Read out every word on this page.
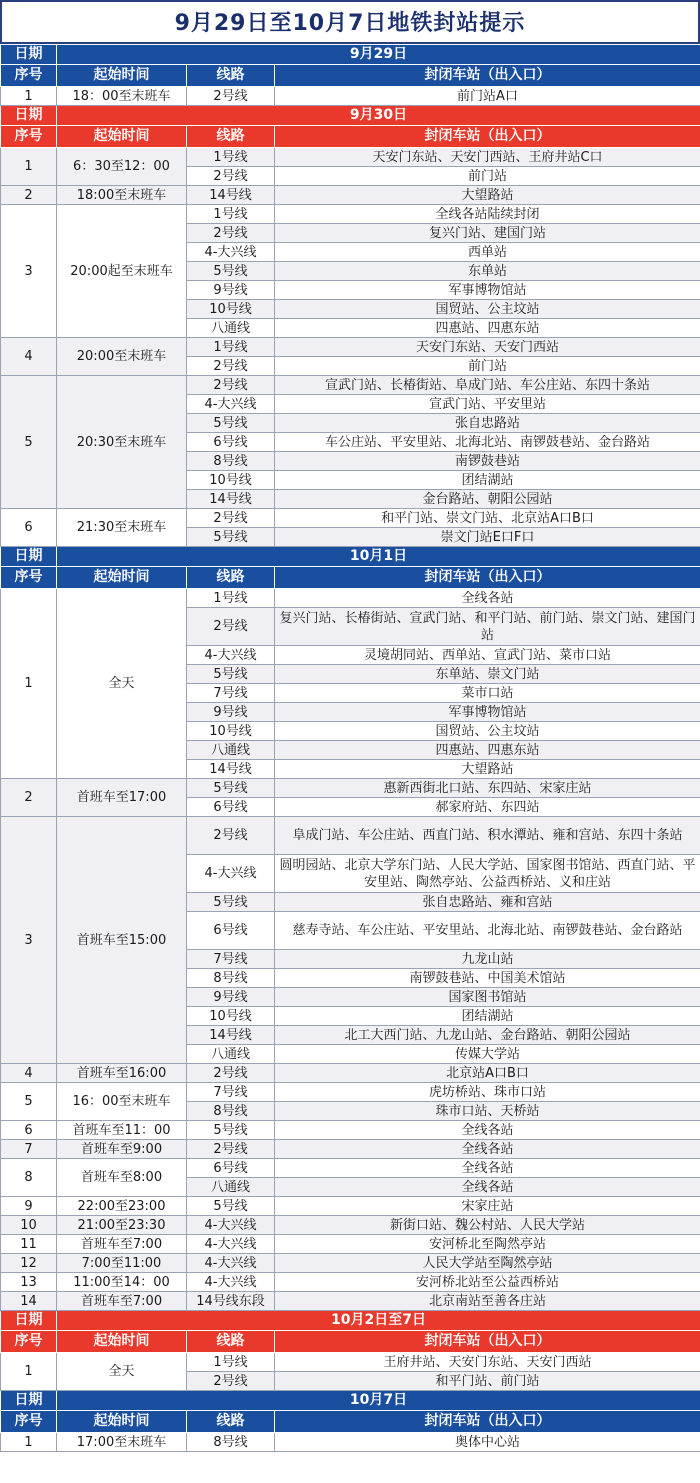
9月29日至10月7日地铁封站提示
日期	9月29日		
序号	起始时间	线路	封闭车站（出入口）
1	18：00至末班车	2号线	前门站A口
日期	9月30日		
序号	起始时间	线路	封闭车站（出入口）
1	6：30至12：00	1号线	天安门东站、天安门西站、王府井站C口
		2号线	前门站
2	18:00至末班车	14号线	大望路站
3	20:00起至末班车	1号线	全线各站陆续封闭
		2号线	复兴门站、建国门站
		4-大兴线	西单站
		5号线	东单站
		9号线	军事博物馆站
		10号线	国贸站、公主坟站
		八通线	四惠站、四惠东站
4	20:00至末班车	1号线	天安门东站、天安门西站
		2号线	前门站
5	20:30至末班车	2号线	宣武门站、长椿街站、阜成门站、车公庄站、东四十条站
		4-大兴线	宣武门站、平安里站
		5号线	张自忠路站
		6号线	车公庄站、平安里站、北海北站、南锣鼓巷站、金台路站
		8号线	南锣鼓巷站
		10号线	团结湖站
		14号线	金台路站、朝阳公园站
6	21:30至末班车	2号线	和平门站、崇文门站、北京站A口B口
		5号线	崇文门站E口F口
日期	10月1日		
序号	起始时间	线路	封闭车站（出入口）
1	全天	1号线	全线各站
		2号线	复兴门站、长椿街站、宣武门站、和平门站、前门站、崇文门站、建国门站
		4-大兴线	灵境胡同站、西单站、宣武门站、菜市口站
		5号线	东单站、崇文门站
		7号线	菜市口站
		9号线	军事博物馆站
		10号线	国贸站、公主坟站
		八通线	四惠站、四惠东站
		14号线	大望路站
2	首班车至17:00	5号线	惠新西街北口站、东四站、宋家庄站
		6号线	郝家府站、东四站
3	首班车至15:00	2号线	阜成门站、车公庄站、西直门站、积水潭站、雍和宫站、东四十条站
		4-大兴线	圆明园站、北京大学东门站、人民大学站、国家图书馆站、西直门站、平安里站、陶然亭站、公益西桥站、义和庄站
		5号线	张自忠路站、雍和宫站
		6号线	慈寿寺站、车公庄站、平安里站、北海北站、南锣鼓巷站、金台路站
		7号线	九龙山站
		8号线	南锣鼓巷站、中国美术馆站
		9号线	国家图书馆站
		10号线	团结湖站
		14号线	北工大西门站、九龙山站、金台路站、朝阳公园站
		八通线	传媒大学站
4	首班车至16:00	2号线	北京站A口B口
5	16：00至末班车	7号线	虎坊桥站、珠市口站
		8号线	珠市口站、天桥站
6	首班车至11：00	5号线	全线各站
7	首班车至9:00	2号线	全线各站
8	首班车至8:00	6号线	全线各站
		八通线	全线各站
9	22:00至23:00	5号线	宋家庄站
10	21:00至23:30	4-大兴线	新街口站、魏公村站、人民大学站
11	首班车至7:00	4-大兴线	安河桥北至陶然亭站
12	7:00至11:00	4-大兴线	人民大学站至陶然亭站
13	11:00至14：00	4-大兴线	安河桥北站至公益西桥站
14	首班车至7:00	14号线东段	北京南站至善各庄站
日期	10月2日至7日		
序号	起始时间	线路	封闭车站（出入口）
1	全天	1号线	王府井站、天安门东站、天安门西站
		2号线	和平门站、前门站
日期	10月7日		
序号	起始时间	线路	封闭车站（出入口）
1	17:00至末班车	8号线	奥体中心站
